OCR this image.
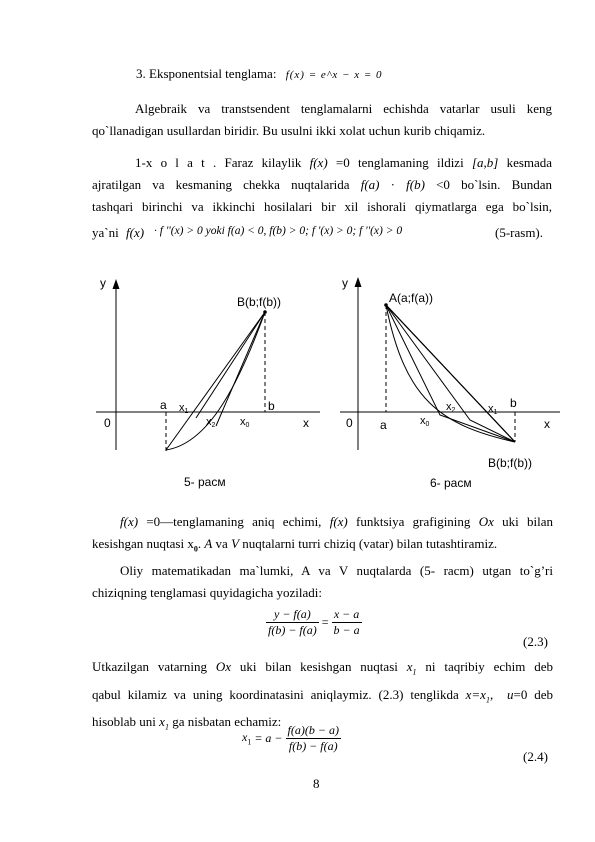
3. Eksponentsial tenglama: f(x) = e^x − x = 0
Algebraik va transtsendent tenglamalarni echishda vatarlar usuli keng qo`llanadigan usullardan biridir. Bu usulni ikki xolat uchun kurib chiqamiz.
1-x o l a t . Faraz kilaylik f(x) =0 tenglamaning ildizi [a,b] kesmada
ajratilgan va kesmaning chekka nuqtalarida f(a) · f(b) <0 bo`lsin. Bundan
tashqari birinchi va ikkinchi hosilalari bir xil ishorali qiymatlarga ega bo`lsin,
ya`ni f(x) · f ''(x) > 0 yoki f(a) < 0, f(b) > 0; f '(x) > 0; f ''(x) > 0	(5-rasm).
y
B(b;f(b))
a	b
0	x
x1
x2 x0
y
A(a;f(a))
0 a
b
x
x2	x1
x0
B(b;f(b))
5- расм	6- расм
f(x) =0—tenglamaning aniq echimi, f(x) funktsiya grafigining Ox uki bilan
kesishgan nuqtasi $x_0$. A va V nuqtalarni turri chiziq (vatar) bilan tutashtiramiz.
Oliy matematikadan ma`lumki, A va V nuqtalarda (5- racm) utgan to`g’ri chiziqning tenglamasi quyidagicha yoziladi:
$\frac{y - f(a)}{f(b) - f(a)} = \frac{x - a}{b - a}$
(2.3)
Utkazilgan vatarning Ox uki bilan kesishgan nuqtasi $x_1$ ni taqribiy echim deb
qabul kilamiz va uning koordinatasini aniqlaymiz. (2.3) tenglikda $x=x_1$, u=0 deb
hisoblab uni $x_1$ ga nisbatan echamiz:
$x_1 = a - \frac{f(a)(b - a)}{f(b) - f(a)}$
(2.4)
8
